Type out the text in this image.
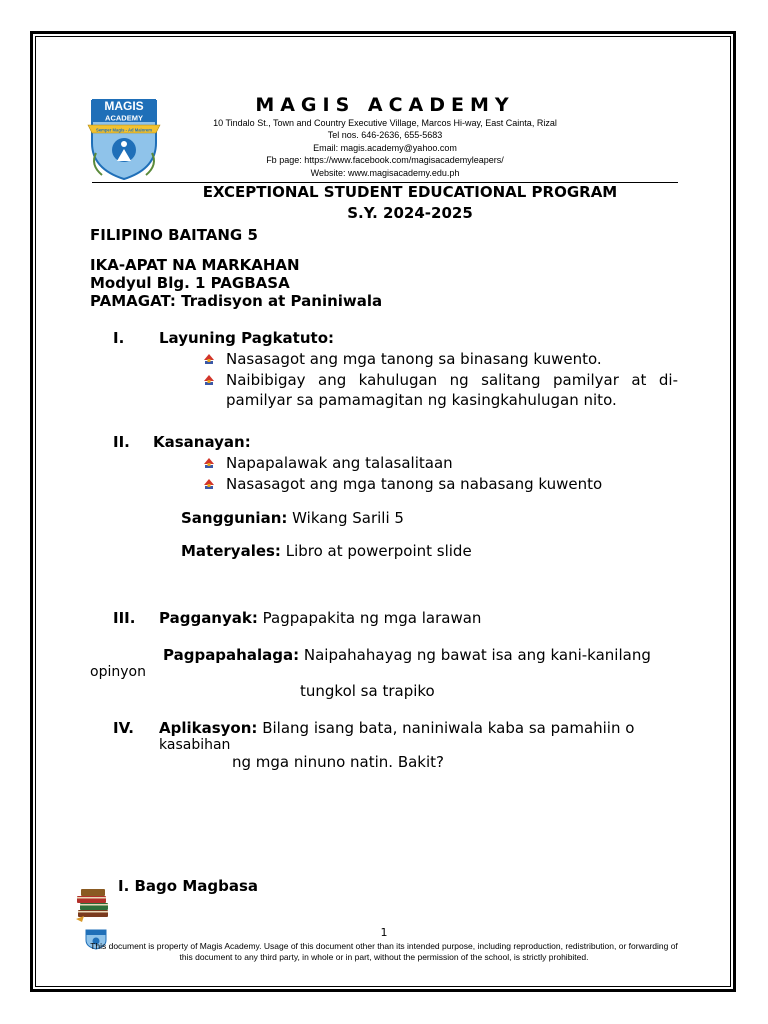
MAGIS
ACADEMY
Semper Magis - Ad Maiorem
MAGIS ACADEMY
10 Tindalo St., Town and Country Executive Village, Marcos Hi-way, East Cainta, Rizal
Tel nos. 646-2636, 655-5683
Email: magis.academy@yahoo.com
Fb page: https://www.facebook.com/magisacademyleapers/
Website: www.magisacademy.edu.ph
EXCEPTIONAL STUDENT EDUCATIONAL PROGRAM
S.Y. 2024-2025
FILIPINO BAITANG 5
IKA-APAT NA MARKAHAN
Modyul Blg. 1 PAGBASA
PAMAGAT: Tradisyon at Paniniwala
I. Layuning Pagkatuto:
Nasasagot ang mga tanong sa binasang kuwento.
Naibibigay ang kahulugan ng salitang pamilyar at di-pamilyar sa pamamagitan ng kasingkahulugan nito.
II. Kasanayan:
Napapalawak ang talasalitaan
Nasasagot ang mga tanong sa nabasang kuwento
Sanggunian: Wikang Sarili 5
Materyales: Libro at powerpoint slide
III. Pagganyak: Pagpapakita ng mga larawan
Pagpapahalaga: Naipahahayag ng bawat isa ang kani-kanilang
opinyon
tungkol sa trapiko
IV. Aplikasyon: Bilang isang bata, naniniwala kaba sa pamahiin o
kasabihan
ng mga ninuno natin. Bakit?
I. Bago Magbasa
1
This document is property of Magis Academy. Usage of this document other than its intended purpose, including reproduction, redistribution, or forwarding of this document to any third party, in whole or in part, without the permission of the school, is strictly prohibited.
